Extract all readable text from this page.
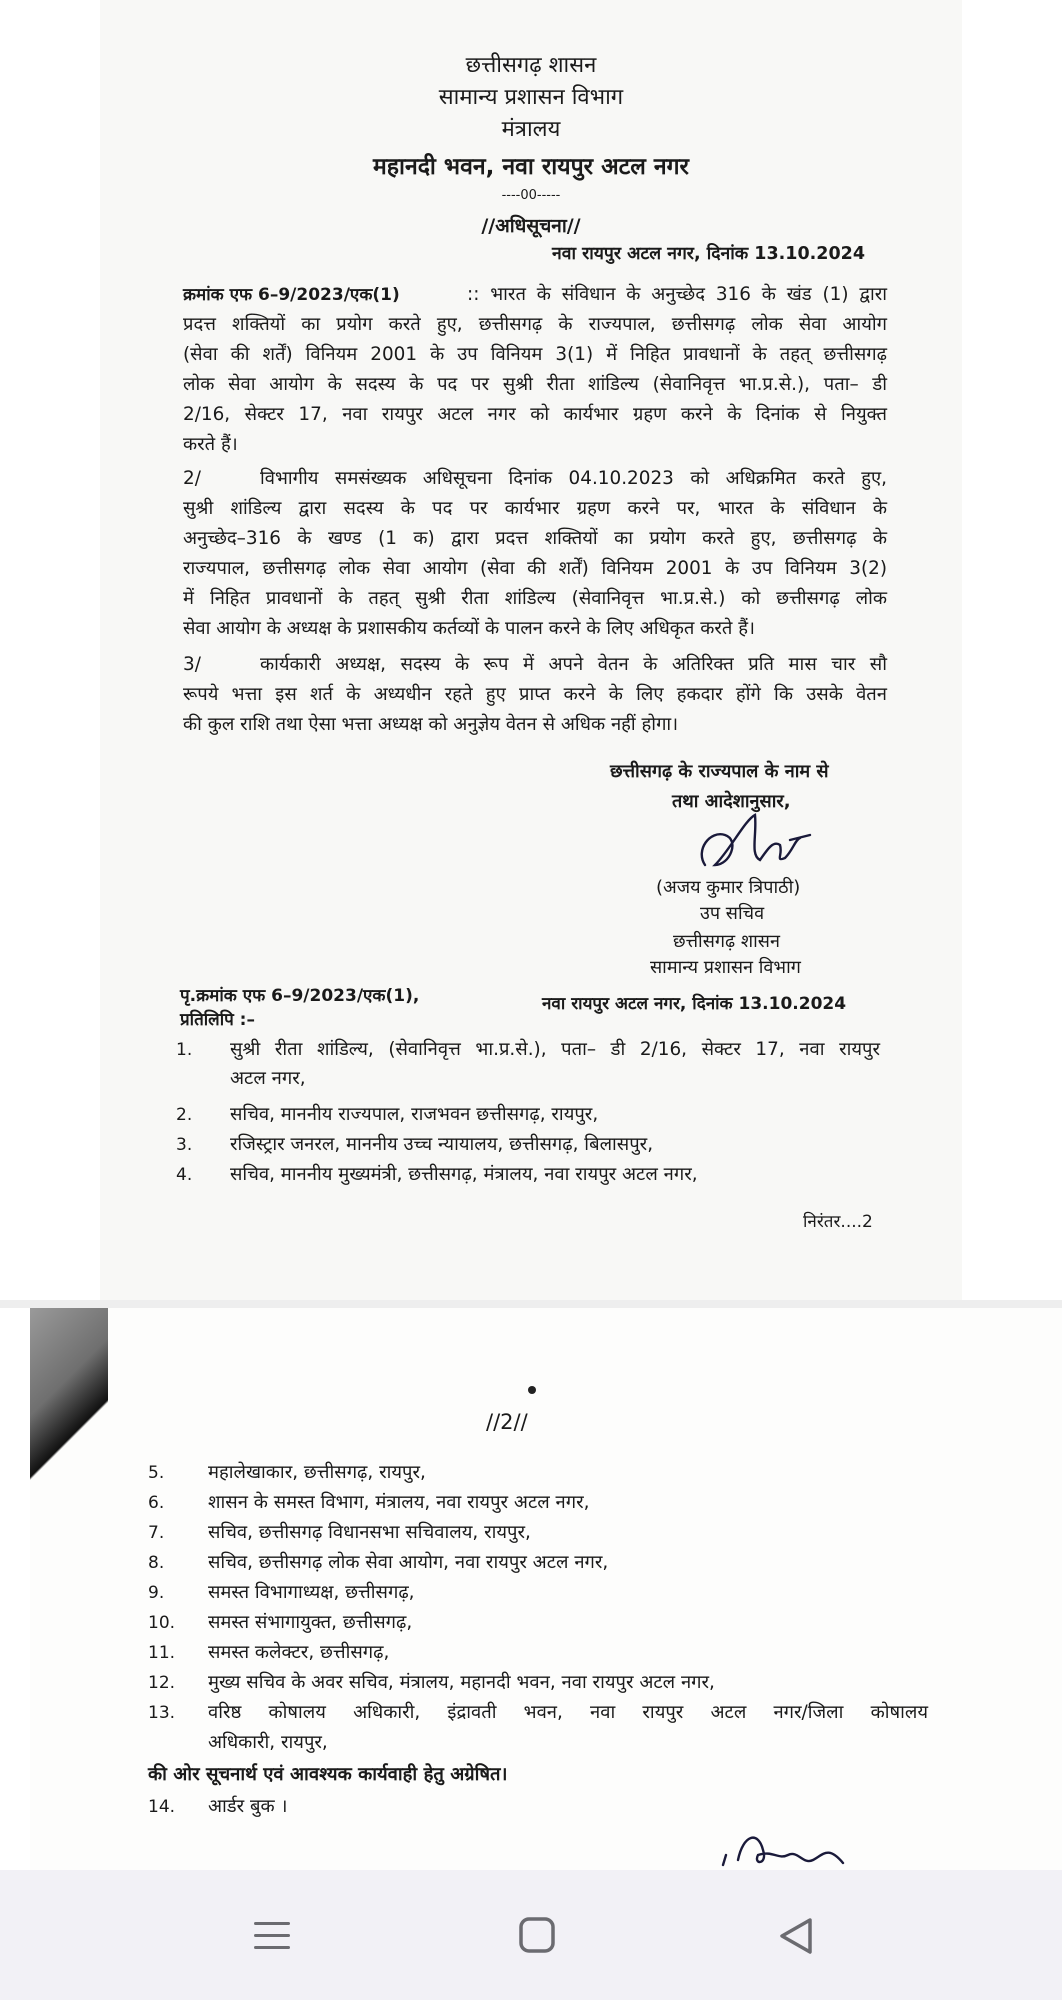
छत्तीसगढ़ शासन
सामान्य प्रशासन विभाग
मंत्रालय
महानदी भवन, नवा रायपुर अटल नगर
----00-----
//अधिसूचना//
नवा रायपुर अटल नगर, दिनांक 13.10.2024
क्रमांक एफ 6–9/2023/एक(1)	:: भारत के संविधान के अनुच्छेद 316 के खंड (1) द्वारा
प्रदत्त शक्तियों का प्रयोग करते हुए, छत्तीसगढ़ के राज्यपाल, छत्तीसगढ़ लोक सेवा आयोग
(सेवा की शर्तें) विनियम 2001 के उप विनियम 3(1) में निहित प्रावधानों के तहत् छत्तीसगढ़
लोक सेवा आयोग के सदस्य के पद पर सुश्री रीता शांडिल्य (सेवानिवृत्त भा.प्र.से.), पता– डी
2/16, सेक्टर 17, नवा रायपुर अटल नगर को कार्यभार ग्रहण करने के दिनांक से नियुक्त
करते हैं।
2/	विभागीय समसंख्यक अधिसूचना दिनांक 04.10.2023 को अधिक्रमित करते हुए,
सुश्री शांडिल्य द्वारा सदस्य के पद पर कार्यभार ग्रहण करने पर, भारत के संविधान के
अनुच्छेद–316 के खण्ड (1 क) द्वारा प्रदत्त शक्तियों का प्रयोग करते हुए, छत्तीसगढ़ के
राज्यपाल, छत्तीसगढ़ लोक सेवा आयोग (सेवा की शर्तें) विनियम 2001 के उप विनियम 3(2)
में निहित प्रावधानों के तहत् सुश्री रीता शांडिल्य (सेवानिवृत्त भा.प्र.से.) को छत्तीसगढ़ लोक
सेवा आयोग के अध्यक्ष के प्रशासकीय कर्तव्यों के पालन करने के लिए अधिकृत करते हैं।
3/	कार्यकारी अध्यक्ष, सदस्य के रूप में अपने वेतन के अतिरिक्त प्रति मास चार सौ
रूपये भत्ता इस शर्त के अध्यधीन रहते हुए प्राप्त करने के लिए हकदार होंगे कि उसके वेतन
की कुल राशि तथा ऐसा भत्ता अध्यक्ष को अनुज्ञेय वेतन से अधिक नहीं होगा।
छत्तीसगढ़ के राज्यपाल के नाम से
तथा आदेशानुसार,
(अजय कुमार त्रिपाठी)
उप सचिव
छत्तीसगढ़ शासन
सामान्य प्रशासन विभाग
पृ.क्रमांक एफ 6–9/2023/एक(1),	नवा रायपुर अटल नगर, दिनांक 13.10.2024
प्रतिलिपि :–
1. सुश्री रीता शांडिल्य, (सेवानिवृत्त भा.प्र.से.), पता– डी 2/16, सेक्टर 17, नवा रायपुर
अटल नगर,
2. सचिव, माननीय राज्यपाल, राजभवन छत्तीसगढ़, रायपुर,
3. रजिस्ट्रार जनरल, माननीय उच्च न्यायालय, छत्तीसगढ़, बिलासपुर,
4. सचिव, माननीय मुख्यमंत्री, छत्तीसगढ़, मंत्रालय, नवा रायपुर अटल नगर,
निरंतर....2
//2//
5. महालेखाकार, छत्तीसगढ़, रायपुर,
6. शासन के समस्त विभाग, मंत्रालय, नवा रायपुर अटल नगर,
7. सचिव, छत्तीसगढ़ विधानसभा सचिवालय, रायपुर,
8. सचिव, छत्तीसगढ़ लोक सेवा आयोग, नवा रायपुर अटल नगर,
9. समस्त विभागाध्यक्ष, छत्तीसगढ़,
10. समस्त संभागायुक्त, छत्तीसगढ़,
11. समस्त कलेक्टर, छत्तीसगढ़,
12. मुख्य सचिव के अवर सचिव, मंत्रालय, महानदी भवन, नवा रायपुर अटल नगर,
13. वरिष्ठ कोषालय अधिकारी, इंद्रावती भवन, नवा रायपुर अटल नगर/जिला कोषालय
अधिकारी, रायपुर,
की ओर सूचनार्थ एवं आवश्यक कार्यवाही हेतु अग्रेषित।
14. आर्डर बुक ।
